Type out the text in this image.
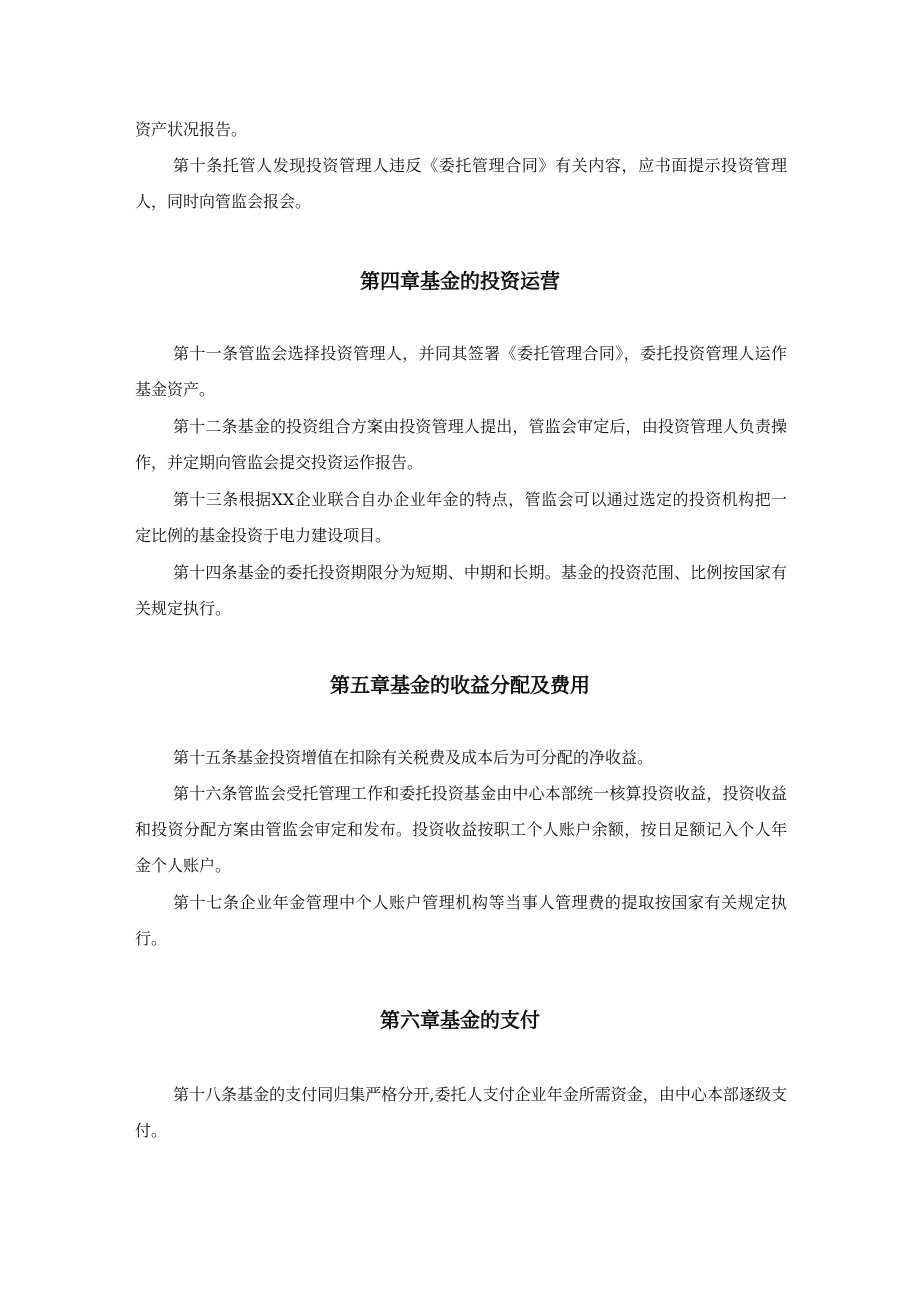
资产状况报告。

第十条托管人发现投资管理人违反《委托管理合同》有关内容，应书面提示投资管理人，同时向管监会报会。

第四章基金的投资运营

第十一条管监会选择投资管理人，并同其签署《委托管理合同》，委托投资管理人运作基金资产。

第十二条基金的投资组合方案由投资管理人提出，管监会审定后，由投资管理人负责操作，并定期向管监会提交投资运作报告。

第十三条根据XX企业联合自办企业年金的特点，管监会可以通过选定的投资机构把一定比例的基金投资于电力建设项目。

第十四条基金的委托投资期限分为短期、中期和长期。基金的投资范围、比例按国家有关规定执行。

第五章基金的收益分配及费用

第十五条基金投资增值在扣除有关税费及成本后为可分配的净收益。

第十六条管监会受托管理工作和委托投资基金由中心本部统一核算投资收益，投资收益和投资分配方案由管监会审定和发布。投资收益按职工个人账户余额，按日足额记入个人年金个人账户。

第十七条企业年金管理中个人账户管理机构等当事人管理费的提取按国家有关规定执行。

第六章基金的支付

第十八条基金的支付同归集严格分开,委托人支付企业年金所需资金，由中心本部逐级支付。
